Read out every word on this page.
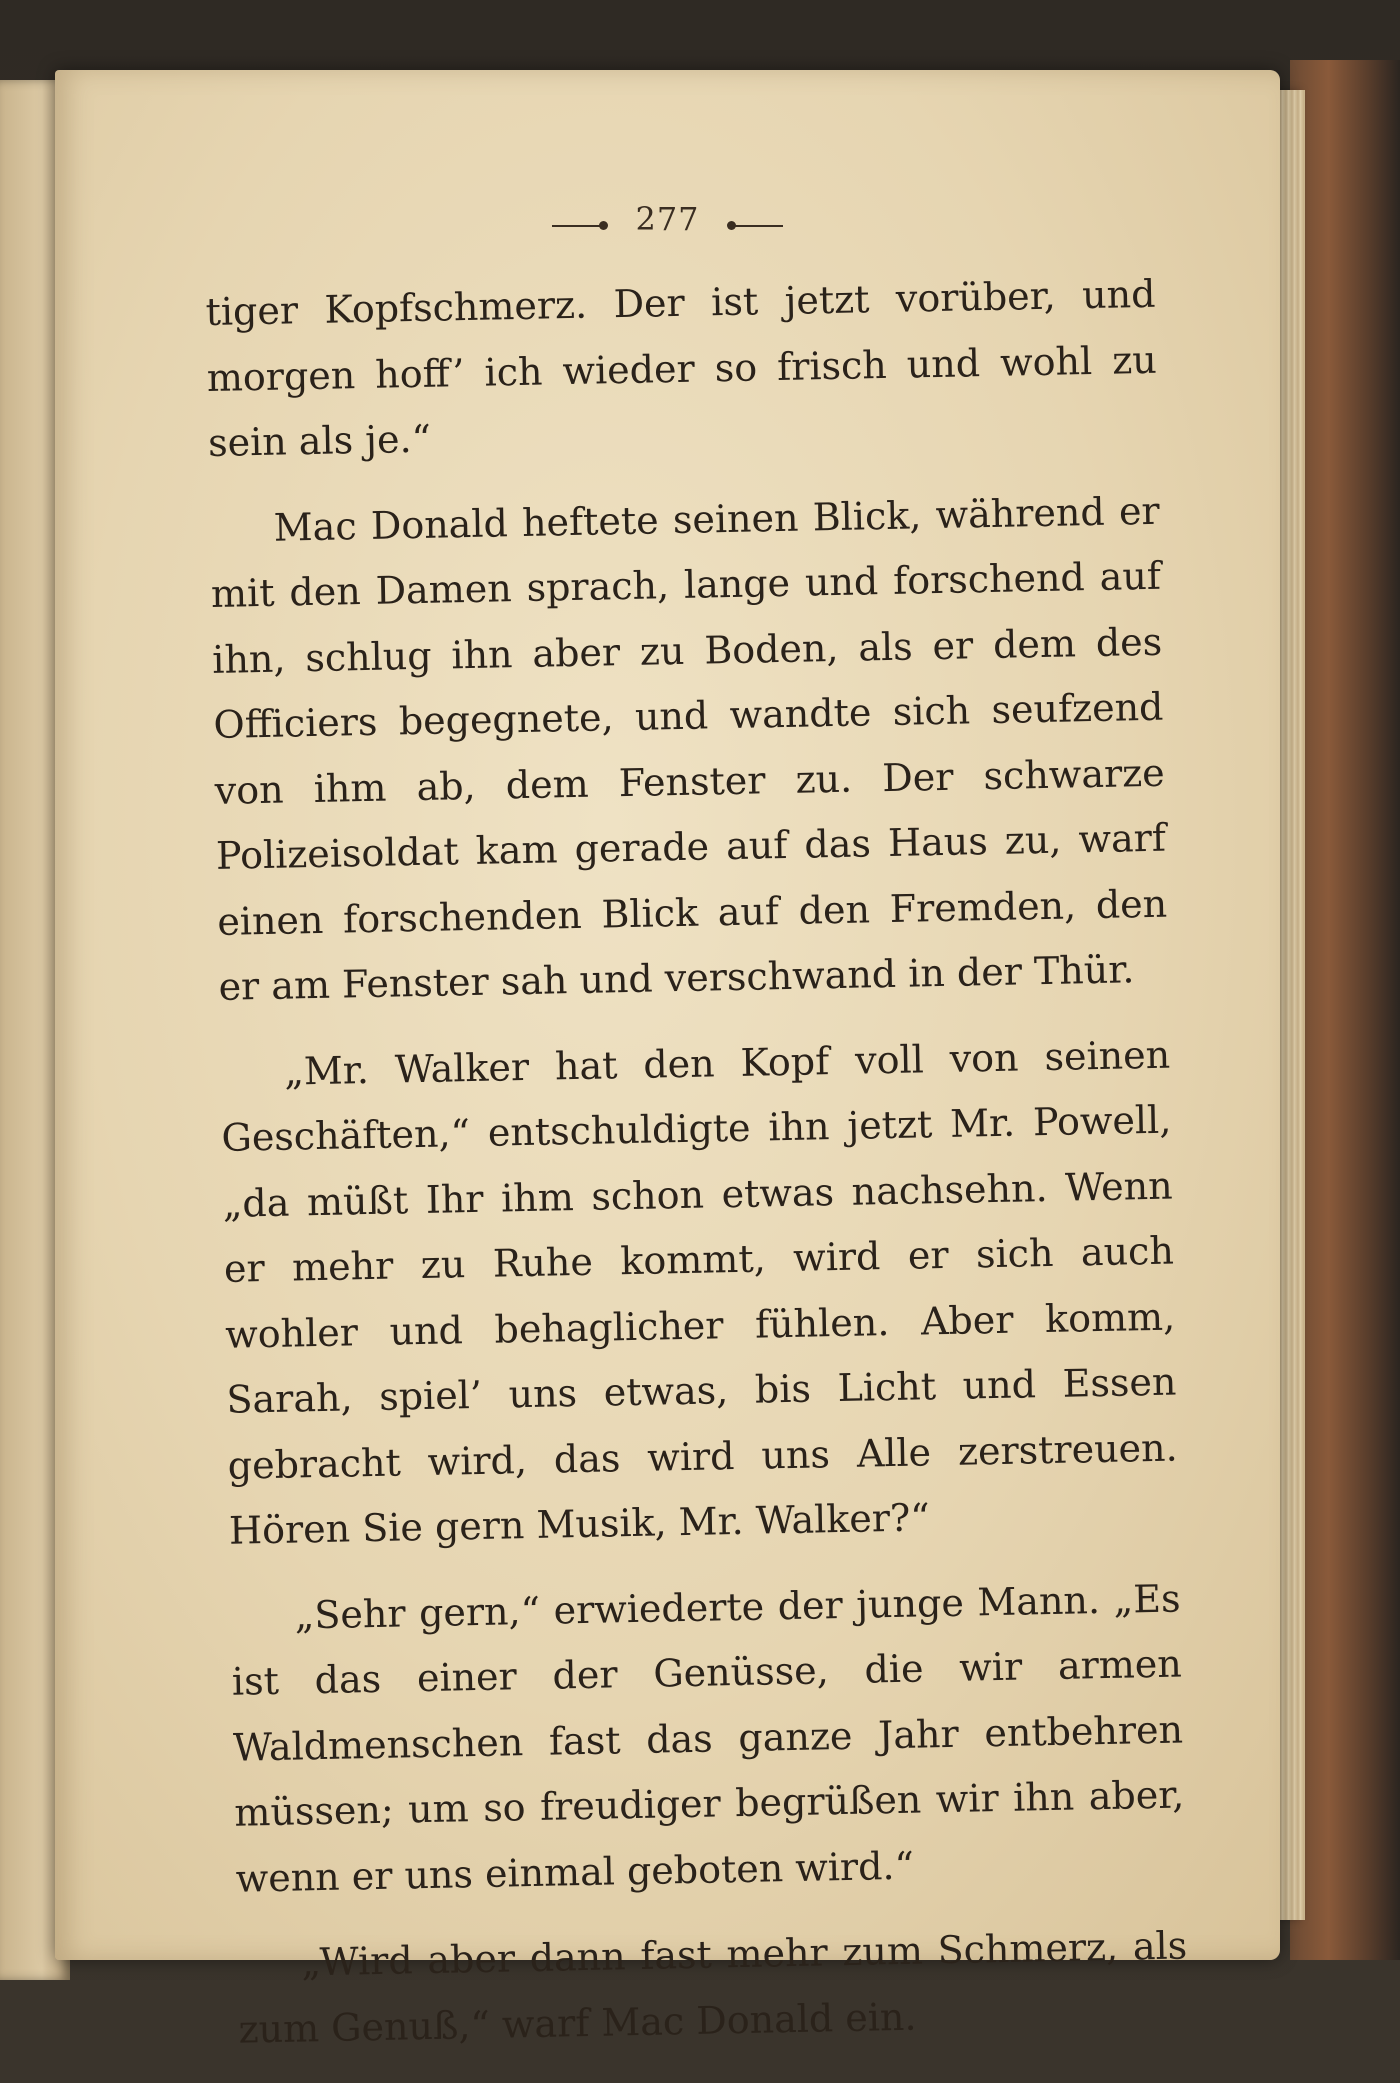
277

tiger Kopfschmerz. Der ist jetzt vorüber, und morgen hoff’ ich wieder so frisch und wohl zu sein als je.“

Mac Donald heftete seinen Blick, während er mit den Damen sprach, lange und forschend auf ihn, schlug ihn aber zu Boden, als er dem des Officiers begegnete, und wandte sich seufzend von ihm ab, dem Fenster zu. Der schwarze Polizeisoldat kam gerade auf das Haus zu, warf einen forschenden Blick auf den Fremden, den er am Fenster sah und verschwand in der Thür.

„Mr. Walker hat den Kopf voll von seinen Geschäften,“ entschuldigte ihn jetzt Mr. Powell, „da müßt Ihr ihm schon etwas nachsehn. Wenn er mehr zu Ruhe kommt, wird er sich auch wohler und behaglicher fühlen. Aber komm, Sarah, spiel’ uns etwas, bis Licht und Essen gebracht wird, das wird uns Alle zerstreuen. Hören Sie gern Musik, Mr. Walker?“

„Sehr gern,“ erwiederte der junge Mann. „Es ist das einer der Genüsse, die wir armen Waldmenschen fast das ganze Jahr entbehren müssen; um so freudiger begrüßen wir ihn aber, wenn er uns einmal geboten wird.“

„Wird aber dann fast mehr zum Schmerz, als zum Genuß,“ warf Mac Donald ein.
